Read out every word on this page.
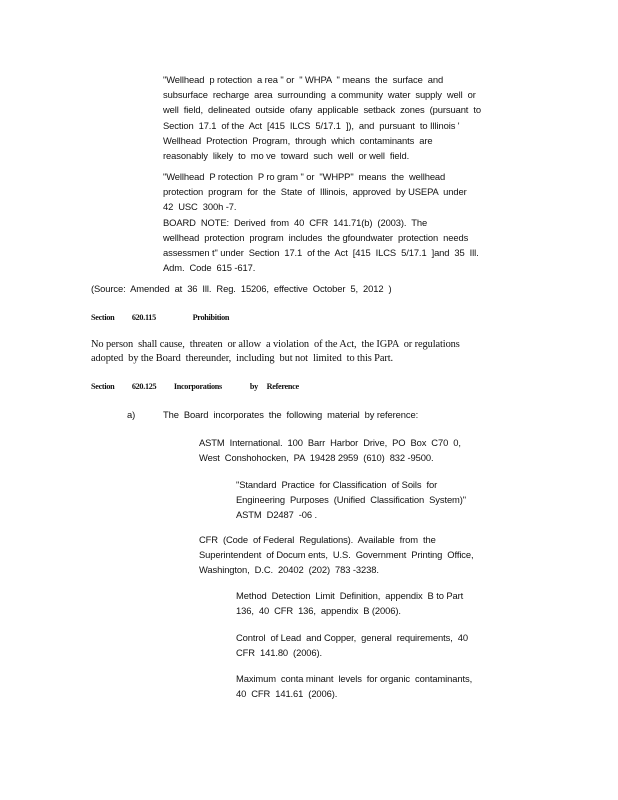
"Wellhead  p rotection  a rea " or  " WHPA  " means  the  surface  and
subsurface  recharge  area  surrounding  a community  water  supply  well  or
well  field,  delineated  outside  ofany  applicable  setback  zones  (pursuant  to
Section  17.1  of the  Act  [415  ILCS  5/17.1  ]),  and  pursuant  to Illinois '
Wellhead  Protection  Program,  through  which  contaminants  are
reasonably  likely  to  mo ve  toward  such  well  or well  field.

"Wellhead  P rotection  P ro gram " or  "WHPP"  means  the  wellhead
protection  program  for  the  State  of  Illinois,  approved  by USEPA  under
42  USC  300h -7.
BOARD  NOTE:  Derived  from  40  CFR  141.71(b)  (2003).  The
wellhead  protection  program  includes  the gfoundwater  protection  needs
assessmen t" under  Section  17.1  of the  Act  [415  ILCS  5/17.1  ]and  35  Ill.
Adm.  Code  615 -617.

(Source:  Amended  at  36  Ill.  Reg.  15206,  effective  October  5,  2012  )

Section          620.115                     Prohibition

No person  shall cause,  threaten  or allow  a violation  of the Act,  the IGPA  or regulations
adopted  by the Board  thereunder,  including  but not  limited  to this Part.

Section          620.125          Incorporations                by     Reference

a)	The  Board  incorporates  the  following  material  by reference:

ASTM  International.  100  Barr  Harbor  Drive,  PO  Box  C70  0,
West  Conshohocken,  PA  19428 2959  (610)  832 -9500.

"Standard  Practice  for Classification  of Soils  for
Engineering  Purposes  (Unified  Classification  System)"
ASTM  D2487  -06 .

CFR  (Code  of Federal  Regulations).  Available  from  the
Superintendent  of Docum ents,  U.S.  Government  Printing  Office,
Washington,  D.C.  20402  (202)  783 -3238.

Method  Detection  Limit  Definition,  appendix  B to Part
136,  40  CFR  136,  appendix  B (2006).

Control  of Lead  and Copper,  general  requirements,  40
CFR  141.80  (2006).

Maximum  conta minant  levels  for organic  contaminants,
40  CFR  141.61  (2006).
